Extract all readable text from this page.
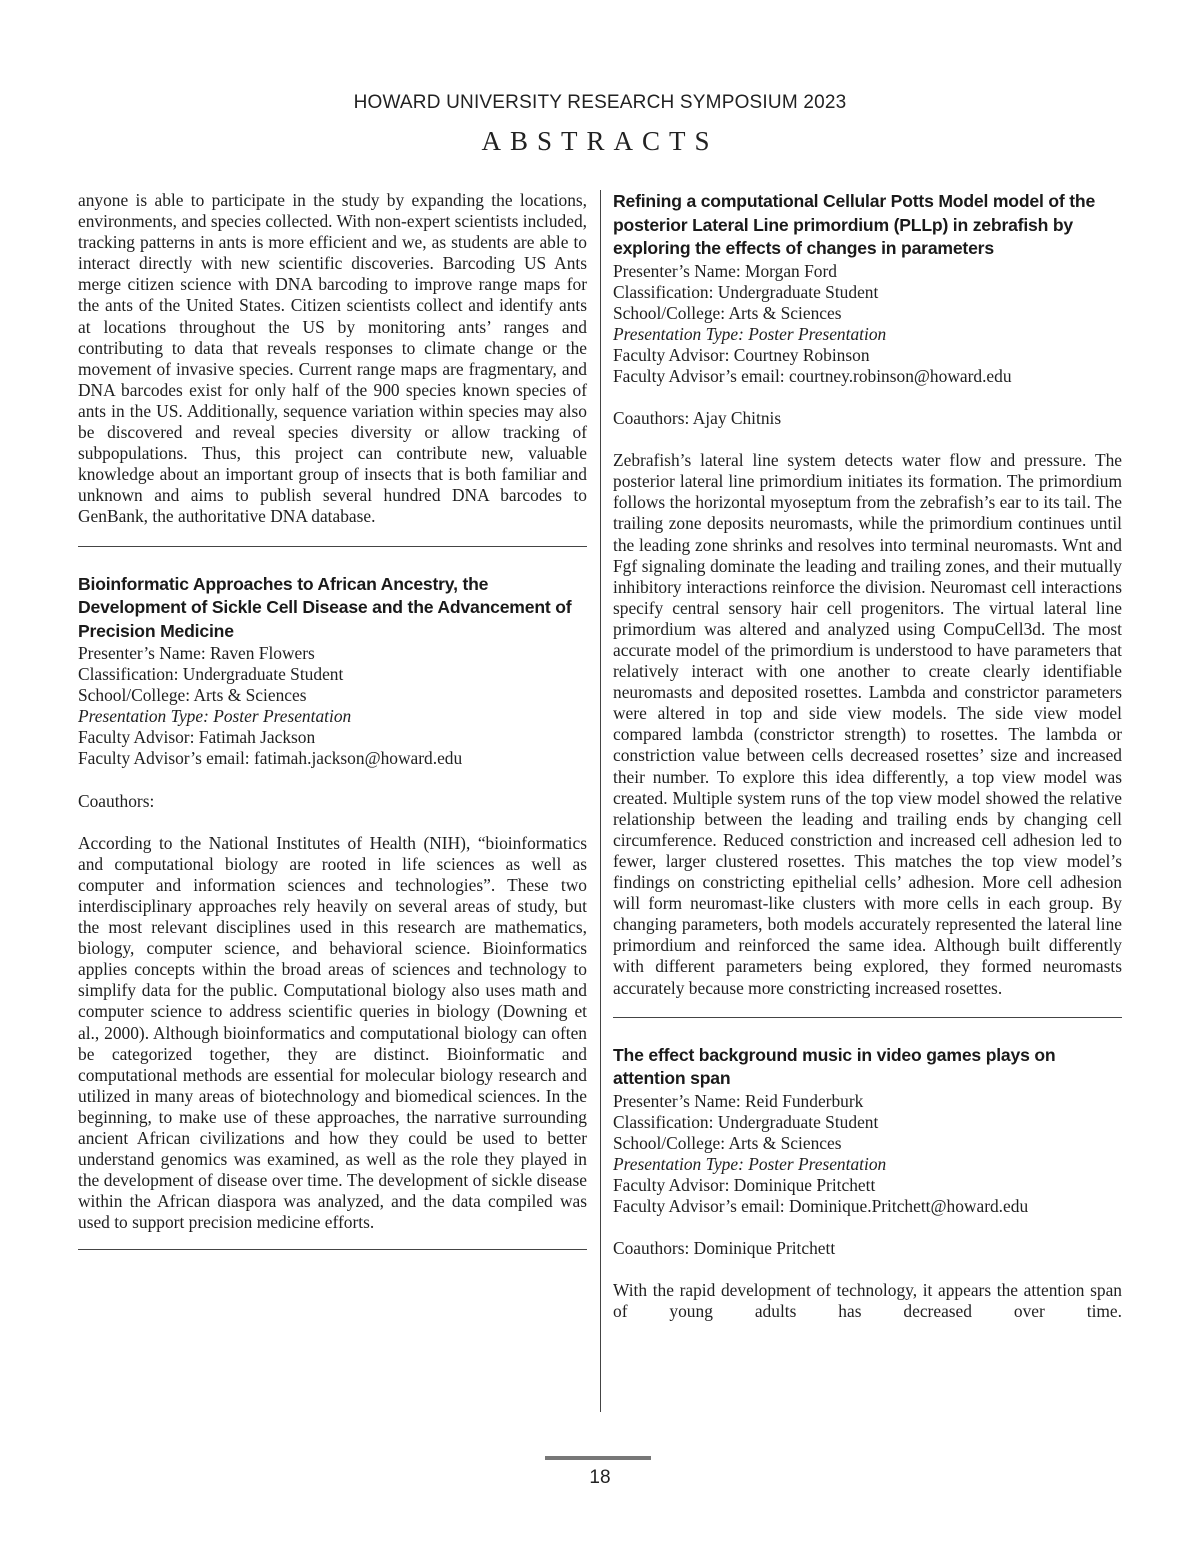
HOWARD UNIVERSITY RESEARCH SYMPOSIUM 2023
ABSTRACTS

anyone is able to participate in the study by expanding the locations, environments, and species collected. With non-expert scientists included, tracking patterns in ants is more efficient and we, as students are able to interact directly with new scientific discoveries. Barcoding US Ants merge citizen science with DNA barcoding to improve range maps for the ants of the United States. Citizen scientists collect and identify ants at locations throughout the US by monitoring ants’ ranges and contributing to data that reveals responses to climate change or the movement of invasive species. Current range maps are fragmentary, and DNA barcodes exist for only half of the 900 species known species of ants in the US. Additionally, sequence variation within species may also be discovered and reveal species diversity or allow tracking of subpopulations. Thus, this project can contribute new, valuable knowledge about an important group of insects that is both familiar and unknown and aims to publish several hundred DNA barcodes to GenBank, the authoritative DNA database.

Bioinformatic Approaches to African Ancestry, the Development of Sickle Cell Disease and the Advancement of Precision Medicine
Presenter’s Name: Raven Flowers
Classification: Undergraduate Student
School/College: Arts & Sciences
Presentation Type: Poster Presentation
Faculty Advisor: Fatimah Jackson
Faculty Advisor’s email: fatimah.jackson@howard.edu

Coauthors:

According to the National Institutes of Health (NIH), “bioinformatics and computational biology are rooted in life sciences as well as computer and information sciences and technologies”. These two interdisciplinary approaches rely heavily on several areas of study, but the most relevant disciplines used in this research are mathematics, biology, computer science, and behavioral science. Bioinformatics applies concepts within the broad areas of sciences and technology to simplify data for the public. Computational biology also uses math and computer science to address scientific queries in biology (Downing et al., 2000). Although bioinformatics and computational biology can often be categorized together, they are distinct. Bioinformatic and computational methods are essential for molecular biology research and utilized in many areas of biotechnology and biomedical sciences. In the beginning, to make use of these approaches, the narrative surrounding ancient African civilizations and how they could be used to better understand genomics was examined, as well as the role they played in the development of disease over time. The development of sickle disease within the African diaspora was analyzed, and the data compiled was used to support precision medicine efforts.

Refining a computational Cellular Potts Model model of the posterior Lateral Line primordium (PLLp) in zebrafish by exploring the effects of changes in parameters
Presenter’s Name: Morgan Ford
Classification: Undergraduate Student
School/College: Arts & Sciences
Presentation Type: Poster Presentation
Faculty Advisor: Courtney Robinson
Faculty Advisor’s email: courtney.robinson@howard.edu

Coauthors: Ajay Chitnis

Zebrafish’s lateral line system detects water flow and pressure. The posterior lateral line primordium initiates its formation. The primordium follows the horizontal myoseptum from the zebrafish’s ear to its tail. The trailing zone deposits neuromasts, while the primordium continues until the leading zone shrinks and resolves into terminal neuromasts. Wnt and Fgf signaling dominate the leading and trailing zones, and their mutually inhibitory interactions reinforce the division. Neuromast cell interactions specify central sensory hair cell progenitors. The virtual lateral line primordium was altered and analyzed using CompuCell3d. The most accurate model of the primordium is understood to have parameters that relatively interact with one another to create clearly identifiable neuromasts and deposited rosettes. Lambda and constrictor parameters were altered in top and side view models. The side view model compared lambda (constrictor strength) to rosettes. The lambda or constriction value between cells decreased rosettes’ size and increased their number. To explore this idea differently, a top view model was created. Multiple system runs of the top view model showed the relative relationship between the leading and trailing ends by changing cell circumference. Reduced constriction and increased cell adhesion led to fewer, larger clustered rosettes. This matches the top view model’s findings on constricting epithelial cells’ adhesion. More cell adhesion will form neuromast-like clusters with more cells in each group. By changing parameters, both models accurately represented the lateral line primordium and reinforced the same idea. Although built differently with different parameters being explored, they formed neuromasts accurately because more constricting increased rosettes.

The effect background music in video games plays on attention span
Presenter’s Name: Reid Funderburk
Classification: Undergraduate Student
School/College: Arts & Sciences
Presentation Type: Poster Presentation
Faculty Advisor: Dominique Pritchett
Faculty Advisor’s email: Dominique.Pritchett@howard.edu

Coauthors: Dominique Pritchett

With the rapid development of technology, it appears the attention span of young adults has decreased over time.

18
